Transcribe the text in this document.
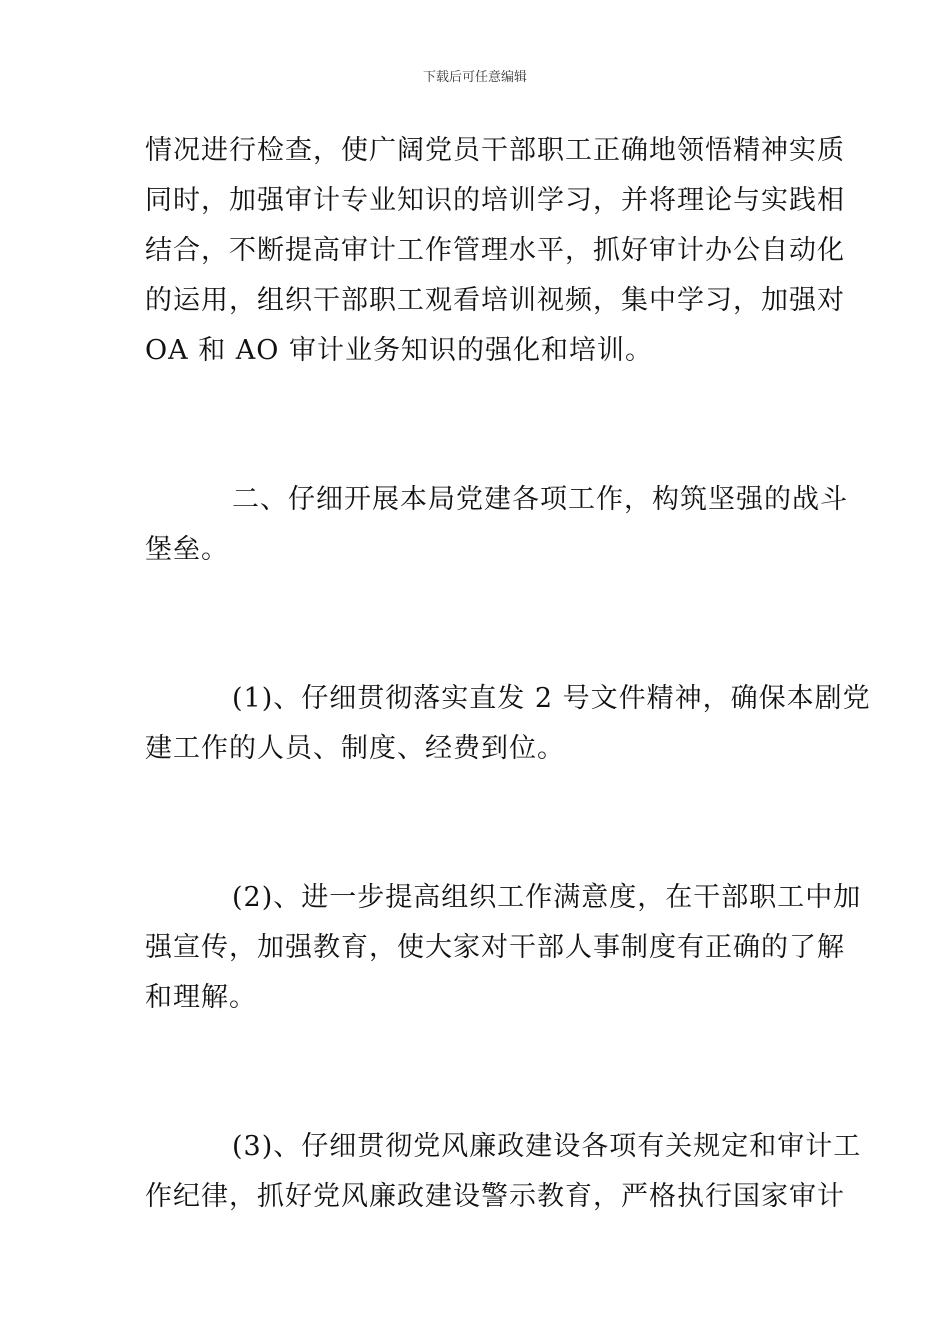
下载后可任意编辑
情况进行检查，使广阔党员干部职工正确地领悟精神实质
同时，加强审计专业知识的培训学习，并将理论与实践相
结合，不断提高审计工作管理水平，抓好审计办公自动化
的运用，组织干部职工观看培训视频，集中学习，加强对
OA 和 AO 审计业务知识的强化和培训。
二、仔细开展本局党建各项工作，构筑坚强的战斗
堡垒。
(1)、仔细贯彻落实直发 2 号文件精神，确保本剧党
建工作的人员、制度、经费到位。
(2)、进一步提高组织工作满意度，在干部职工中加
强宣传，加强教育，使大家对干部人事制度有正确的了解
和理解。
(3)、仔细贯彻党风廉政建设各项有关规定和审计工
作纪律，抓好党风廉政建设警示教育，严格执行国家审计
